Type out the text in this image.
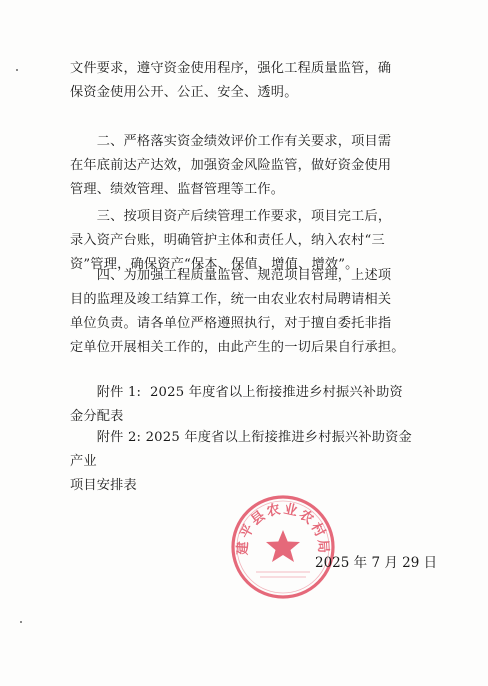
文件要求，遵守资金使用程序，强化工程质量监管，确
保资金使用公开、公正、安全、透明。

　　二、严格落实资金绩效评价工作有关要求，项目需
在年底前达产达效，加强资金风险监管，做好资金使用
管理、绩效管理、监督管理等工作。

　　三、按项目资产后续管理工作要求，项目完工后，
录入资产台账，明确管护主体和责任人，纳入农村“三
资”管理，确保资产“保本、保值、增值、增效”。

　　四、为加强工程质量监管、规范项目管理，上述项
目的监理及竣工结算工作，统一由农业农村局聘请相关
单位负责。请各单位严格遵照执行，对于擅自委托非指
定单位开展相关工作的，由此产生的一切后果自行承担。

　　附件 1:  2025 年度省以上衔接推进乡村振兴补助资
金分配表

　　附件 2: 2025 年度省以上衔接推进乡村振兴补助资金产业
项目安排表

建平县农业农村局
2025 年 7 月 29 日
